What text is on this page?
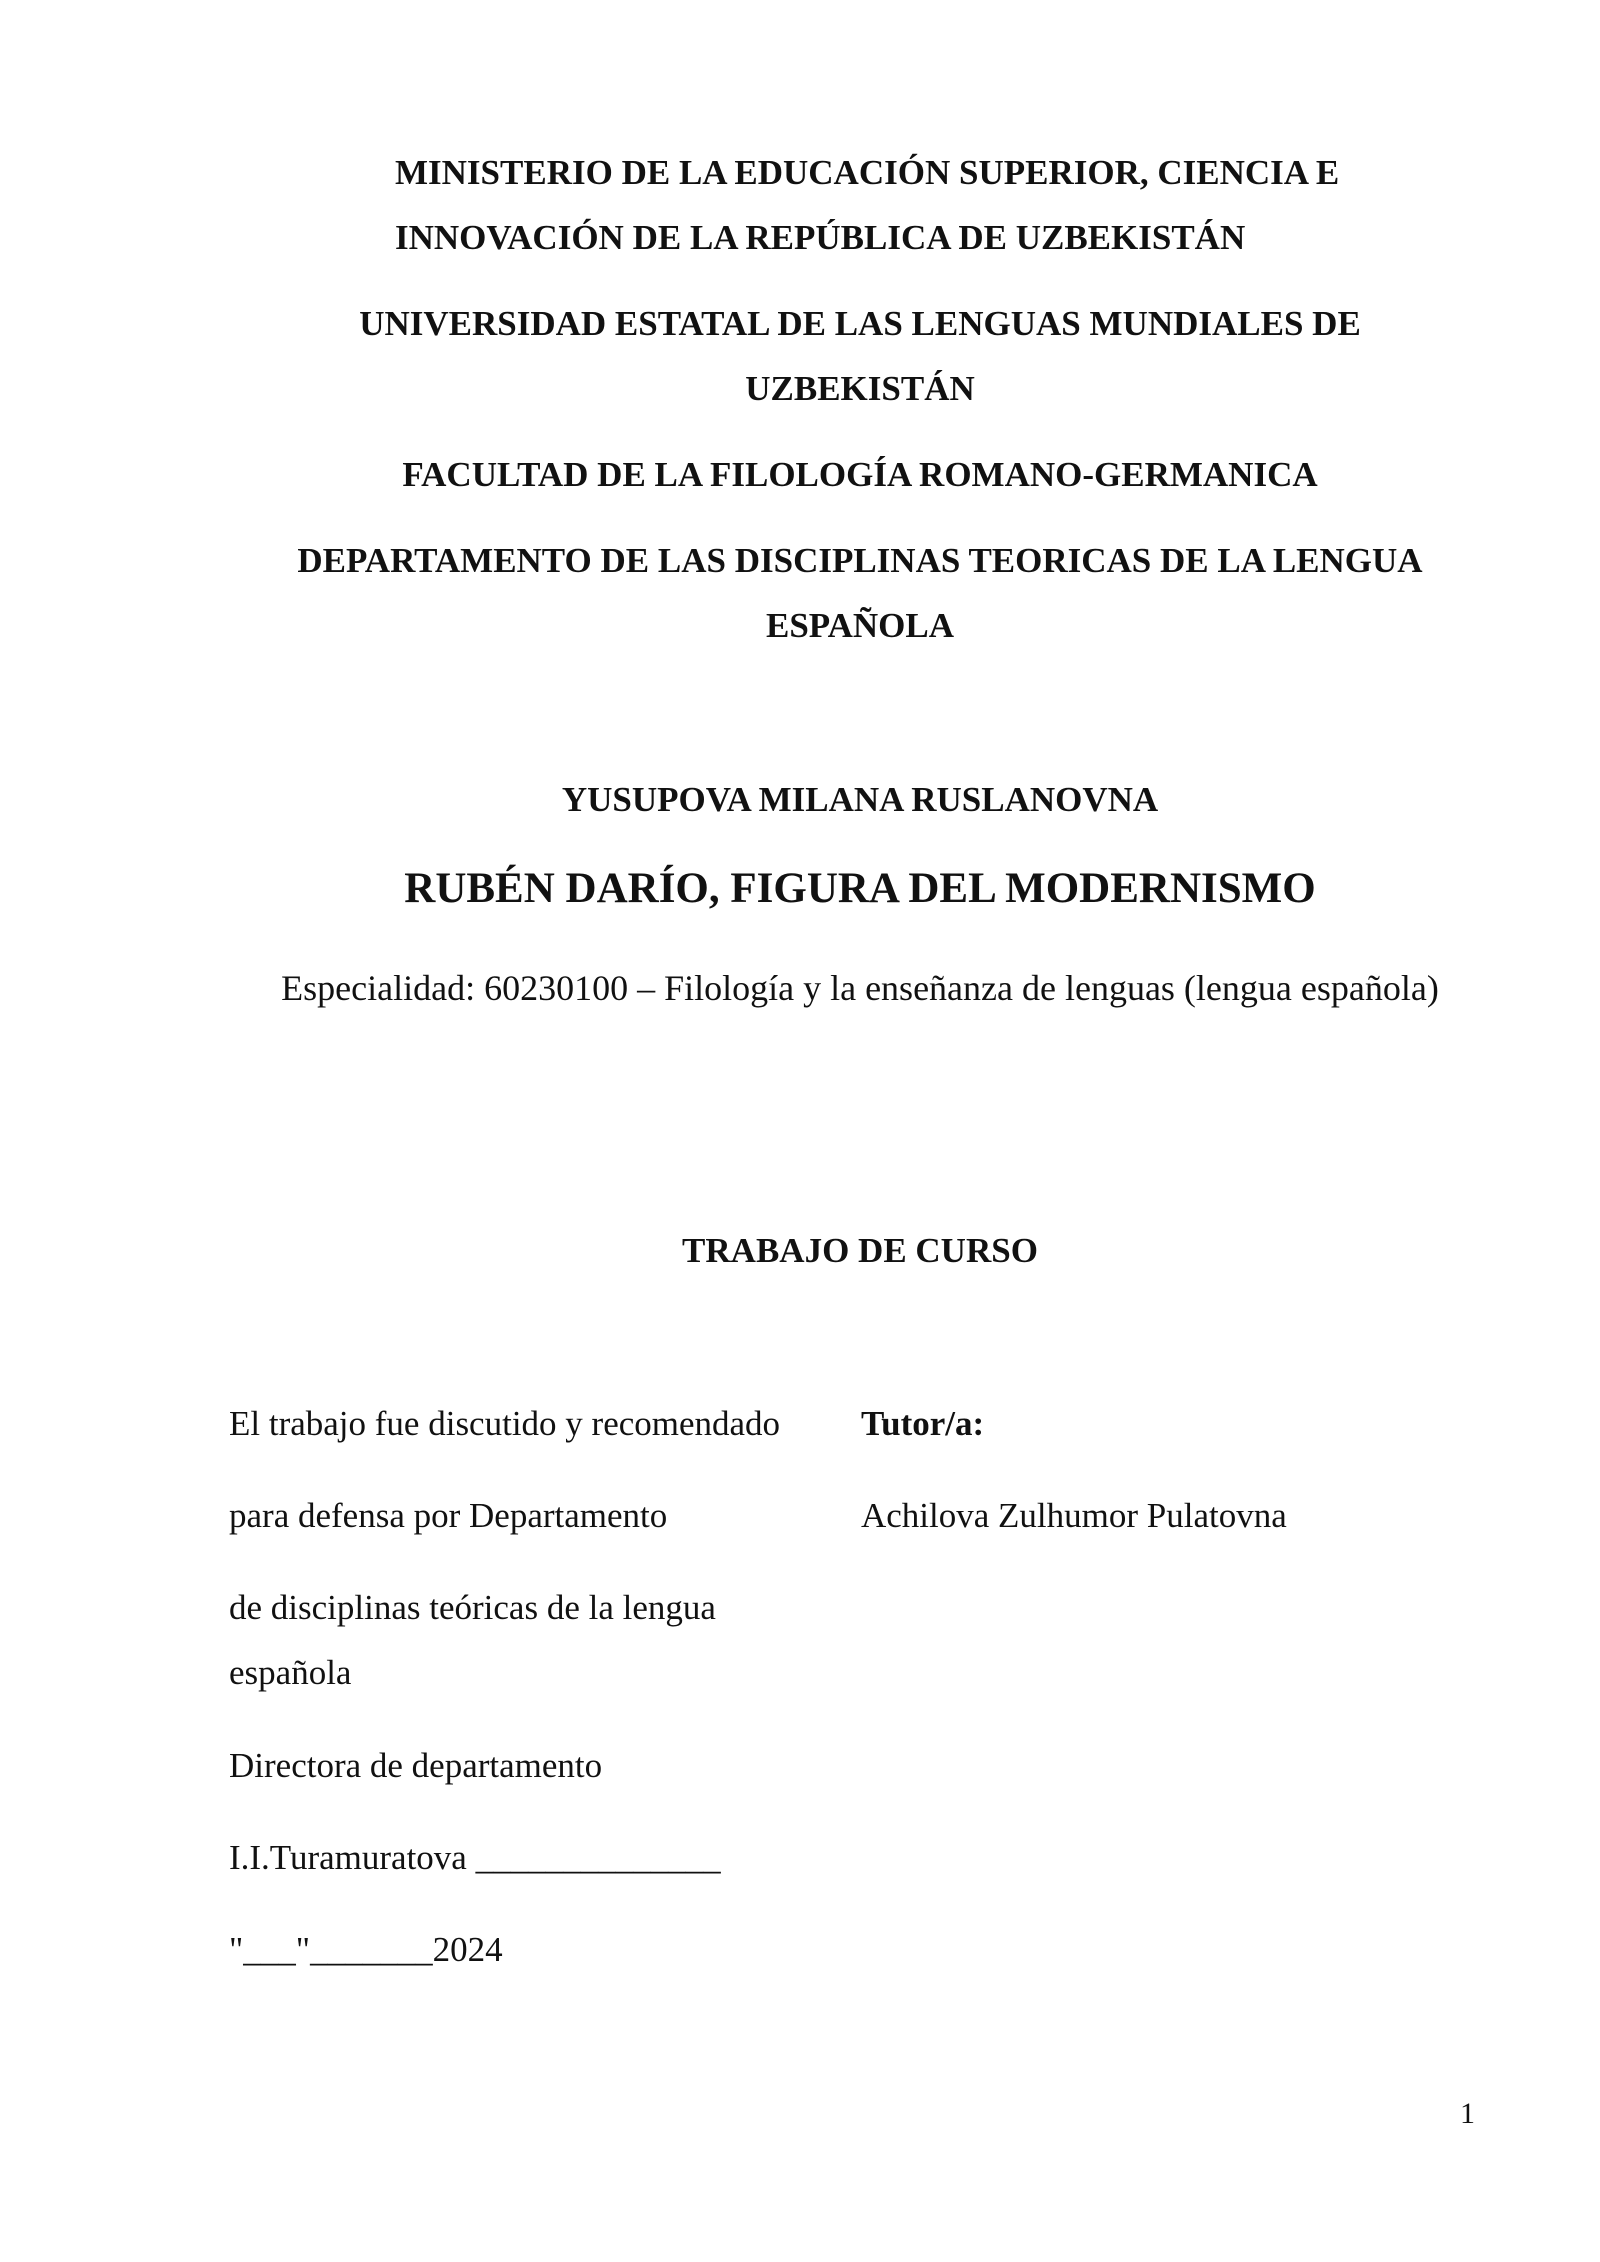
MINISTERIO DE LA EDUCACIÓN SUPERIOR, CIENCIA E
INNOVACIÓN DE LA REPÚBLICA DE UZBEKISTÁN
UNIVERSIDAD ESTATAL DE LAS LENGUAS MUNDIALES DE
UZBEKISTÁN
FACULTAD DE LA FILOLOGÍA ROMANO-GERMANICA
DEPARTAMENTO DE LAS DISCIPLINAS TEORICAS DE LA LENGUA
ESPAÑOLA
YUSUPOVA MILANA RUSLANOVNA
RUBÉN DARÍO, FIGURA DEL MODERNISMO
Especialidad: 60230100 – Filología y la enseñanza de lenguas (lengua española)
TRABAJO DE CURSO
El trabajo fue discutido y recomendado Tutor/a:
para defensa por Departamento	Achilova Zulhumor Pulatovna
de disciplinas teóricas de la lengua
española
Directora de departamento
I.I.Turamuratova ______________
"___"_______2024
1
